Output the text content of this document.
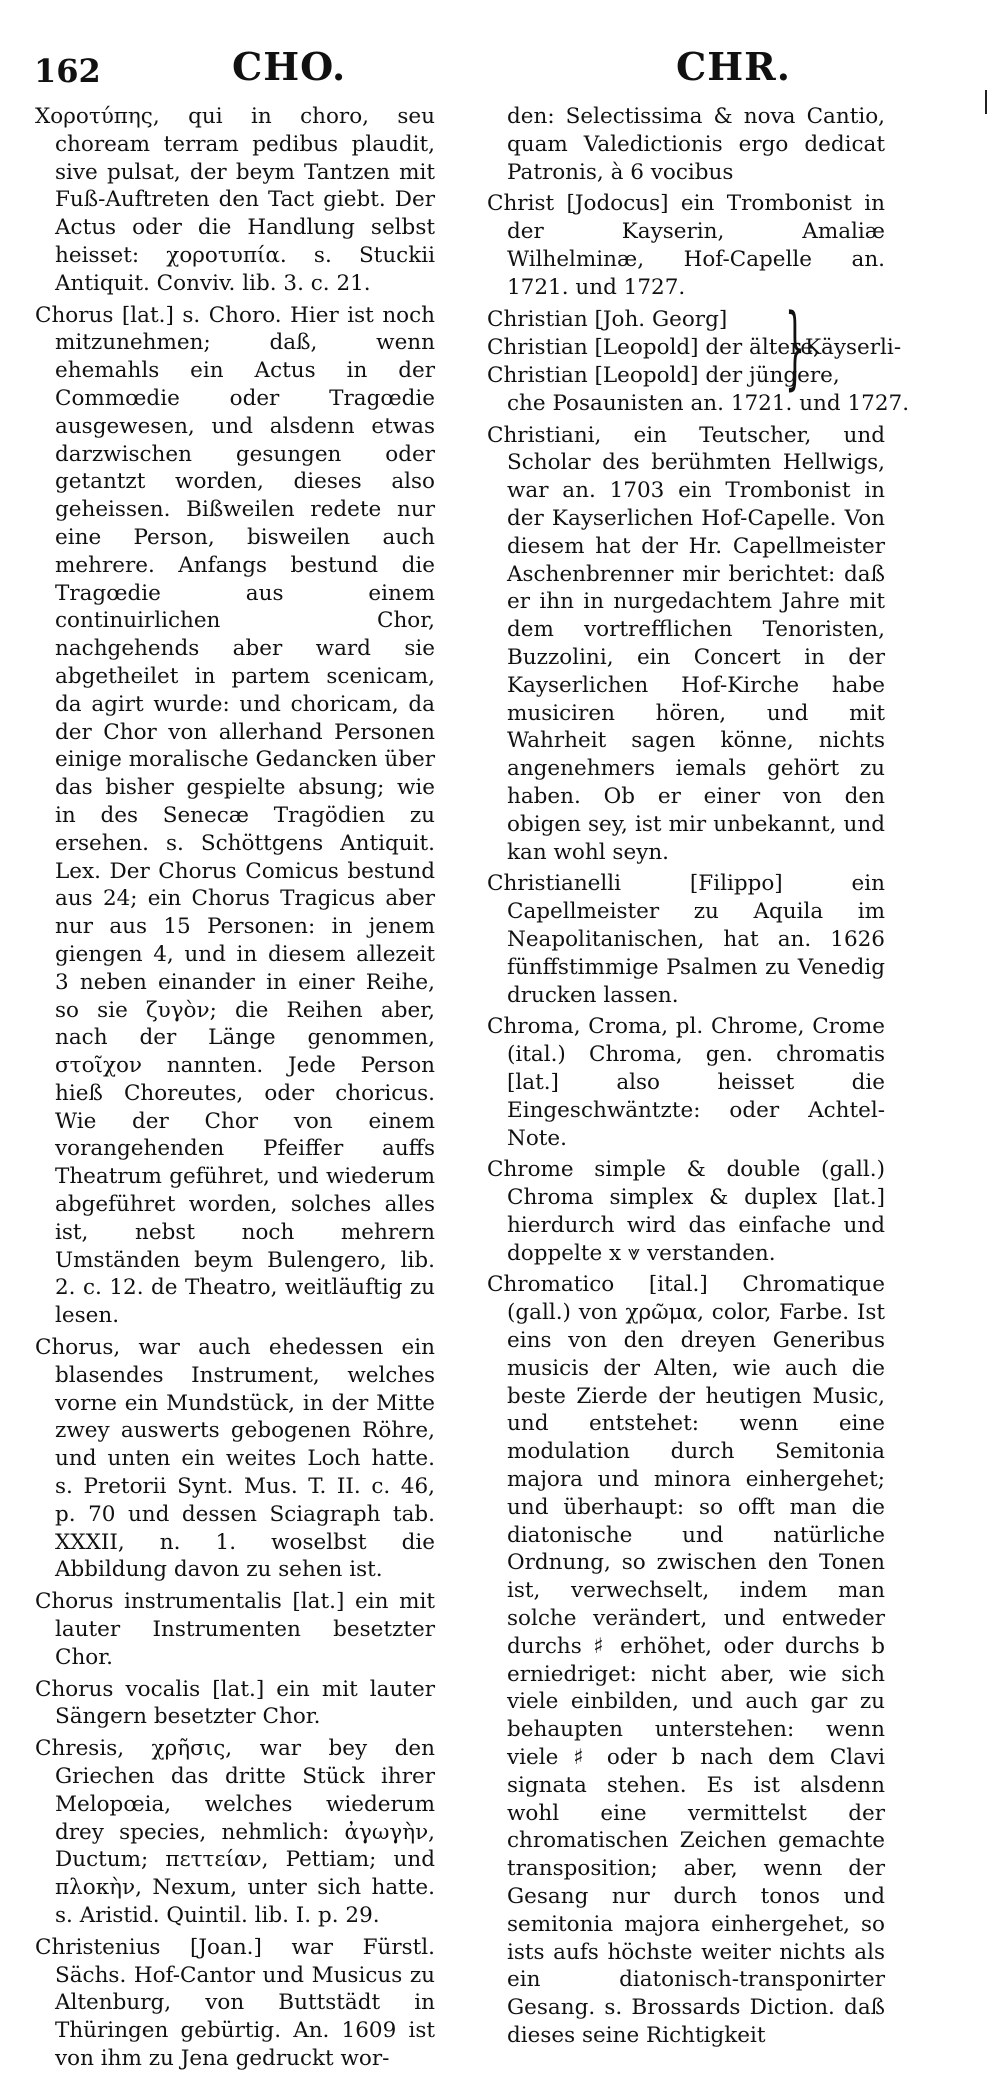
162	CHO.	CHR.

Χοροτύπης, qui in choro, seu choream terram pedibus plaudit, sive pulsat, der beym Tantzen mit Fuß-Auftreten den Tact giebt. Der Actus oder die Handlung selbst heisset: χοροτυπία. s. Stuckii Antiquit. Conviv. lib. 3. c. 21.

Chorus [lat.] s. Choro. Hier ist noch mitzunehmen; daß, wenn ehemahls ein Actus in der Commœdie oder Tragœdie ausgewesen, und alsdenn etwas darzwischen gesungen oder getantzt worden, dieses also geheissen. Bißweilen redete nur eine Person, bisweilen auch mehrere. Anfangs bestund die Tragœdie aus einem continuirlichen Chor, nachgehends aber ward sie abgetheilet in partem scenicam, da agirt wurde: und choricam, da der Chor von allerhand Personen einige moralische Gedancken über das bisher gespielte absung; wie in des Senecæ Tragödien zu ersehen. s. Schöttgens Antiquit. Lex. Der Chorus Comicus bestund aus 24; ein Chorus Tragicus aber nur aus 15 Personen: in jenem giengen 4, und in diesem allezeit 3 neben einander in einer Reihe, so sie ζυγὸν; die Reihen aber, nach der Länge genommen, στοῖχον nannten. Jede Person hieß Choreutes, oder choricus. Wie der Chor von einem vorangehenden Pfeiffer auffs Theatrum geführet, und wiederum abgeführet worden, solches alles ist, nebst noch mehrern Umständen beym Bulengero, lib. 2. c. 12. de Theatro, weitläuftig zu lesen.

Chorus, war auch ehedessen ein blasendes Instrument, welches vorne ein Mundstück, in der Mitte zwey auswerts gebogenen Röhre, und unten ein weites Loch hatte. s. Pretorii Synt. Mus. T. II. c. 46, p. 70 und dessen Sciagraph tab. XXXII, n. 1. woselbst die Abbildung davon zu sehen ist.

Chorus instrumentalis [lat.] ein mit lauter Instrumenten besetzter Chor.

Chorus vocalis [lat.] ein mit lauter Sängern besetzter Chor.

Chresis, χρῆσις, war bey den Griechen das dritte Stück ihrer Melopœia, welches wiederum drey species, nehmlich: ἀγωγὴν, Ductum; πεττείαν, Pettiam; und πλοκὴν, Nexum, unter sich hatte. s. Aristid. Quintil. lib. I. p. 29.

Christenius [Joan.] war Fürstl. Sächs. Hof-Cantor und Musicus zu Altenburg, von Buttstädt in Thüringen gebürtig. An. 1609 ist von ihm zu Jena gedruckt wor-

den: Selectissima & nova Cantio, quam Valedictionis ergo dedicat Patronis, à 6 vocibus

Christ [Jodocus] ein Trombonist in der Kayserin, Amaliæ Wilhelminæ, Hof-Capelle an. 1721. und 1727.

Christian [Joh. Georg]
Christian [Leopold] der ältere,
Christian [Leopold] der jüngere,
} Käyserli-
che Posaunisten an. 1721. und 1727.

Christiani, ein Teutscher, und Scholar des berühmten Hellwigs, war an. 1703 ein Trombonist in der Kayserlichen Hof-Capelle. Von diesem hat der Hr. Capellmeister Aschenbrenner mir berichtet: daß er ihn in nurgedachtem Jahre mit dem vortrefflichen Tenoristen, Buzzolini, ein Concert in der Kayserlichen Hof-Kirche habe musiciren hören, und mit Wahrheit sagen könne, nichts angenehmers iemals gehört zu haben. Ob er einer von den obigen sey, ist mir unbekannt, und kan wohl seyn.

Christianelli [Filippo] ein Capellmeister zu Aquila im Neapolitanischen, hat an. 1626 fünffstimmige Psalmen zu Venedig drucken lassen.

Chroma, Croma, pl. Chrome, Crome (ital.) Chroma, gen. chromatis [lat.] also heisset die Eingeschwäntzte: oder Achtel-Note.

Chrome simple & double (gall.) Chroma simplex & duplex [lat.] hierdurch wird das einfache und doppelte x ⩔ verstanden.

Chromatico [ital.] Chromatique (gall.) von χρῶμα, color, Farbe. Ist eins von den dreyen Generibus musicis der Alten, wie auch die beste Zierde der heutigen Music, und entstehet: wenn eine modulation durch Semitonia majora und minora einhergehet; und überhaupt: so offt man die diatonische und natürliche Ordnung, so zwischen den Tonen ist, verwechselt, indem man solche verändert, und entweder durchs ♯ erhöhet, oder durchs b erniedriget: nicht aber, wie sich viele einbilden, und auch gar zu behaupten unterstehen: wenn viele ♯ oder b nach dem Clavi signata stehen. Es ist alsdenn wohl eine vermittelst der chromatischen Zeichen gemachte transposition; aber, wenn der Gesang nur durch tonos und semitonia majora einhergehet, so ists aufs höchste weiter nichts als ein diatonisch-transponirter Gesang. s. Brossards Diction. daß dieses seine Richtigkeit
